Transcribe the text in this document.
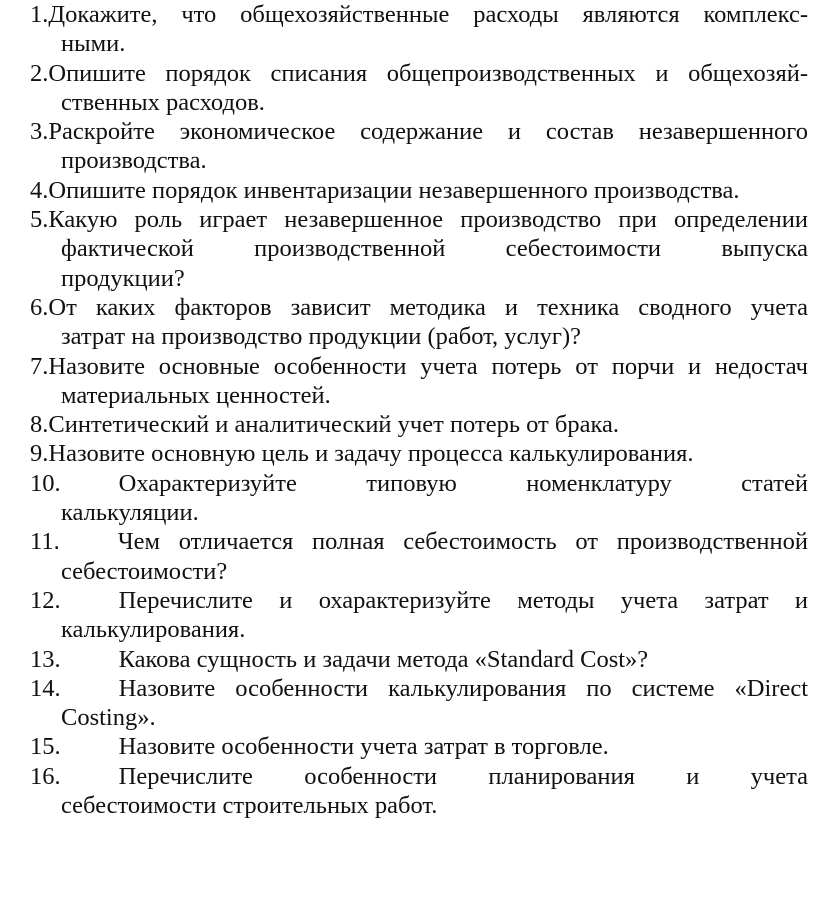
1.Докажите, что общехозяйственные расходы являются комплекс-
ными.
2.Опишите порядок списания общепроизводственных и общехозяй-
ственных расходов.
3.Раскройте экономическое содержание и состав незавершенного
производства.
4.Опишите порядок инвентаризации незавершенного производства.
5.Какую роль играет незавершенное производство при определении
фактической производственной себестоимости выпуска
продукции?
6.От каких факторов зависит методика и техника сводного учета
затрат на производство продукции (работ, услуг)?
7.Назовите основные особенности учета потерь от порчи и недостач
материальных ценностей.
8.Синтетический и аналитический учет потерь от брака.
9.Назовите основную цель и задачу процесса калькулирования.
10. Охарактеризуйте типовую номенклатуру статей
калькуляции.
11. Чем отличается полная себестоимость от производственной
себестоимости?
12. Перечислите и охарактеризуйте методы учета затрат и
калькулирования.
13. Какова сущность и задачи метода «Standard Cost»?
14. Назовите особенности калькулирования по системе «Direct
Costing».
15. Назовите особенности учета затрат в торговле.
16. Перечислите особенности планирования и учета
себестоимости строительных работ.
